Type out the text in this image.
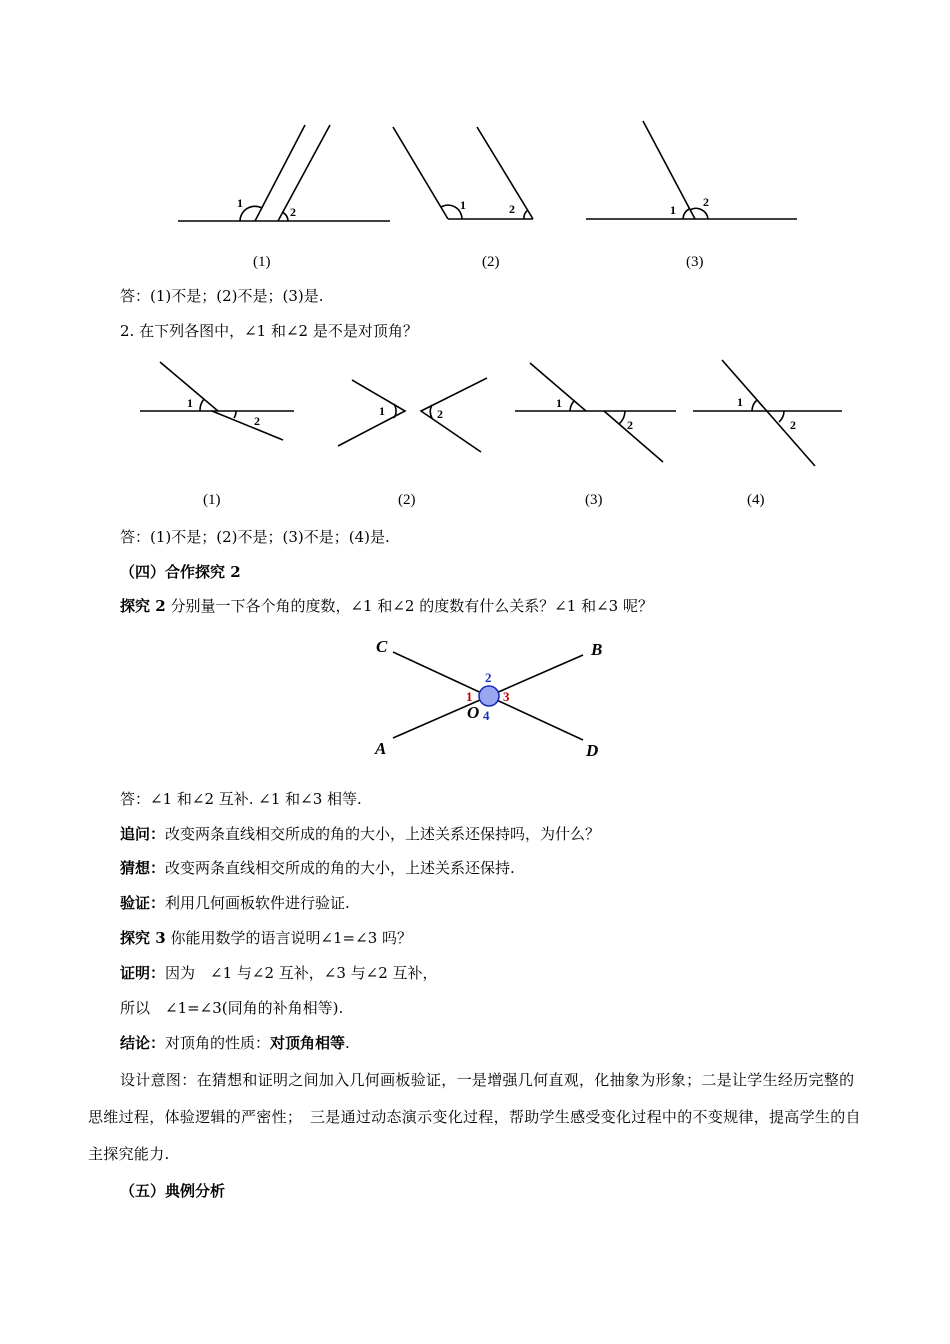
1
2	1	2	1
2
(1)	(2)	(3)
答：(1)不是；(2)不是；(3)是.
2. 在下列各图中，∠1 和∠2 是不是对顶角？
1
2
1	2
1
2
1
2
(1)	(2)	(3)	(4)
答：(1)不是；(2)不是；(3)不是；(4)是.
（四）合作探究 2
探究 2 分别量一下各个角的度数，∠1 和∠2 的度数有什么关系？∠1 和∠3 呢？
C	B
A	D
O
2
1 3
4
答：∠1 和∠2 互补. ∠1 和∠3 相等.
追问：改变两条直线相交所成的角的大小，上述关系还保持吗，为什么？
猜想：改变两条直线相交所成的角的大小，上述关系还保持.
验证：利用几何画板软件进行验证.
探究 3 你能用数学的语言说明∠1=∠3 吗？
证明：因为　∠1 与∠2 互补，∠3 与∠2 互补，
所以　∠1=∠3(同角的补角相等).
结论：对顶角的性质：对顶角相等.
设计意图：在猜想和证明之间加入几何画板验证，一是增强几何直观，化抽象为形象；二是让学生经历完整的思维过程，体验逻辑的严密性；　三是通过动态演示变化过程，帮助学生感受变化过程中的不变规律，提高学生的自主探究能力.
（五）典例分析
